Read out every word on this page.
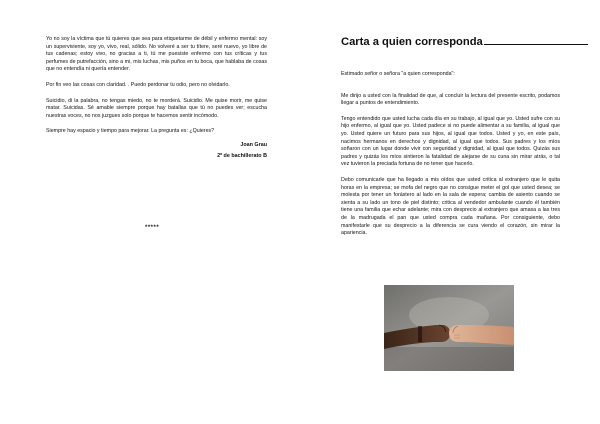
Yo no soy la víctima que tú quieres que sea para etiquetarme de débil y enfermo mental: soy un superviviente, soy yo, vivo, real, sólido. No volveré a ser tu títere, seré nuevo, yo libre de tus cadenas; estoy vivo, no gracias a ti, tú me puesiste enfermo con tus críticas y tus perfumes de putrefacción, sino a mi, mis luchas, mis puños en tu boca, que hablaba de cosas que no entendía ni quería entender.

Por fin veo las cosas con claridad. . Puedo perdonar tu odio, pero no olvidarlo.

Suicidio, di la palabra, no tengas miedo, no te morderá. Suicidio. Me quise morir, me quise matar. Suicidas. Sé amable siempre porque hay batallas que tú no puedes ver; escucha nuestras voces, no nos juzgues solo porque te hacemos sentir incómodo.

Siempre hay espacio y tiempo para mejorar. La pregunta es: ¿Quieres?

Joan Grau
2º de bachillerato B
*****
Carta a quien corresponda

Estimado señor o señora "a quien corresponda":

Me dirijo a usted con la finalidad de que, al concluir la lectura del presente escrito, podamos llegar a puntos de entendimiento.

Tengo entendido que usted lucha cada día en su trabajo, al igual que yo. Usted sufre con su hijo enfermo, al igual que yo. Usted padece si no puede alimentar a su familia, al igual que yo. Usted quiere un futuro para sus hijos, al igual que todos. Usted y yo, en este país, nacimos hermanos en derechos y dignidad, al igual que todos. Sus padres y los míos soñaron con un lugar donde vivir con seguridad y dignidad, al igual que todos. Quizás sus padres y quizás los míos sintieron la fatalidad de alejarse de su cuna sin mirar atrás, o tal vez tuvieron la preciada fortuna de no tener que hacerlo.

Debo comunicarle que ha llegado a mis oídos que usted critica al extranjero que le quita horas en la empresa; se mofa del negro que no consigue meter el gol que usted desea; se molesta por tener un forástero al lado en la sala de espera; cambia de asiento cuando se sienta a su lado un tono de piel distinto; critica al vendedor ambulante cuando él también tiene una familia que echar adelante; mira con desprecio al extranjero que amasa a las tres de la madrugada el pan que usted compra cada mañana. Por consiguiente, debo manifestarle que su desprecio a la diferencia se cura viendo el corazón, sin mirar la apariencia.
